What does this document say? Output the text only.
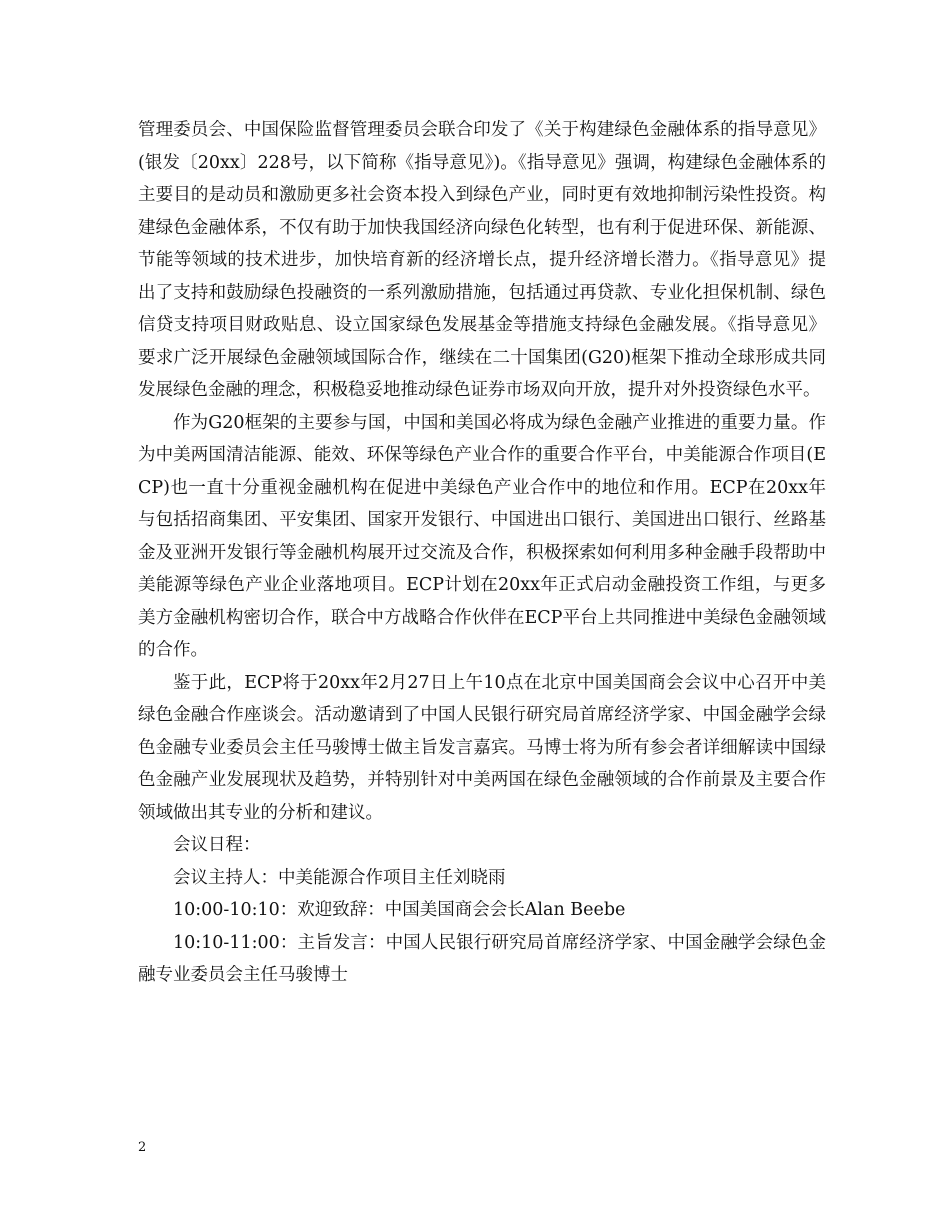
管理委员会、中国保险监督管理委员会联合印发了《关于构建绿色金融体系的指导意见》(银发〔20xx〕228号，以下简称《指导意见》)。《指导意见》强调，构建绿色金融体系的主要目的是动员和激励更多社会资本投入到绿色产业，同时更有效地抑制污染性投资。构建绿色金融体系，不仅有助于加快我国经济向绿色化转型，也有利于促进环保、新能源、节能等领域的技术进步，加快培育新的经济增长点，提升经济增长潜力。《指导意见》提出了支持和鼓励绿色投融资的一系列激励措施，包括通过再贷款、专业化担保机制、绿色信贷支持项目财政贴息、设立国家绿色发展基金等措施支持绿色金融发展。《指导意见》要求广泛开展绿色金融领域国际合作，继续在二十国集团(G20)框架下推动全球形成共同发展绿色金融的理念，积极稳妥地推动绿色证券市场双向开放，提升对外投资绿色水平。

作为G20框架的主要参与国，中国和美国必将成为绿色金融产业推进的重要力量。作为中美两国清洁能源、能效、环保等绿色产业合作的重要合作平台，中美能源合作项目(ECP)也一直十分重视金融机构在促进中美绿色产业合作中的地位和作用。ECP在20xx年与包括招商集团、平安集团、国家开发银行、中国进出口银行、美国进出口银行、丝路基金及亚洲开发银行等金融机构展开过交流及合作，积极探索如何利用多种金融手段帮助中美能源等绿色产业企业落地项目。ECP计划在20xx年正式启动金融投资工作组，与更多美方金融机构密切合作，联合中方战略合作伙伴在ECP平台上共同推进中美绿色金融领域的合作。

鉴于此，ECP将于20xx年2月27日上午10点在北京中国美国商会会议中心召开中美绿色金融合作座谈会。活动邀请到了中国人民银行研究局首席经济学家、中国金融学会绿色金融专业委员会主任马骏博士做主旨发言嘉宾。马博士将为所有参会者详细解读中国绿色金融产业发展现状及趋势，并特别针对中美两国在绿色金融领域的合作前景及主要合作领域做出其专业的分析和建议。

会议日程：

会议主持人：中美能源合作项目主任刘晓雨

10:00-10:10：欢迎致辞：中国美国商会会长Alan Beebe

10:10-11:00：主旨发言：中国人民银行研究局首席经济学家、中国金融学会绿色金融专业委员会主任马骏博士

2
